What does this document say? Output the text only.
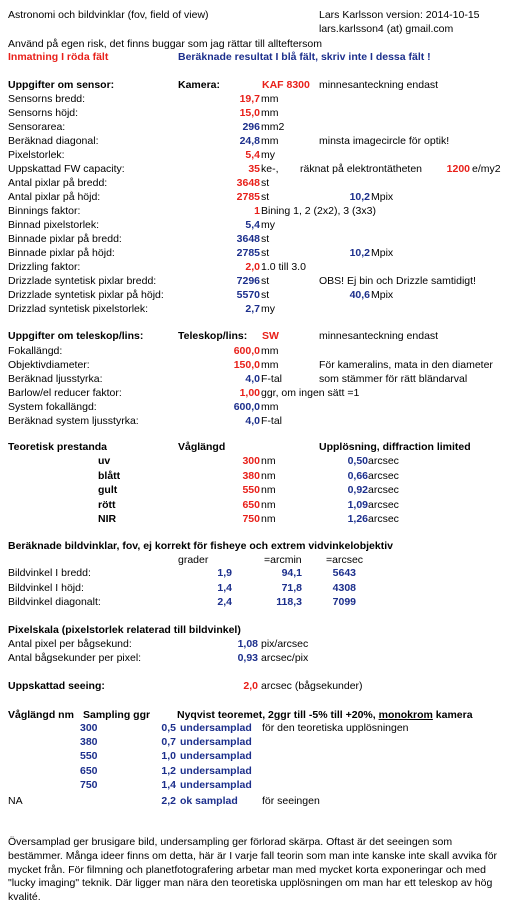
Astronomi och bildvinklar (fov, field of view)	Lars Karlsson version: 2014-10-15
lars.karlsson4 (at) gmail.com
Använd på egen risk, det finns buggar som jag rättar till allteftersom
Inmatning I röda fält	Beräknade resultat I blå fält, skriv inte I dessa fält !
Uppgifter om sensor:	Kamera:	KAF 8300 minnesanteckning endast
Sensorns bredd:	19,7 mm
Sensorns höjd:	15,0 mm
Sensorarea:	296 mm2
Beräknad diagonal:	24,8 mm	minsta imagecircle för optik!
Pixelstorlek:	5,4 my
Uppskattad FW capacity:	35 ke-, räknat på elektrontätheten	1200 e/my2
Antal pixlar på bredd:	3648 st
Antal pixlar på höjd:	2785 st	10,2 Mpix
Binnings faktor:	1 Bining 1, 2 (2x2), 3 (3x3)
Binnad pixelstorlek:	5,4 my
Binnade pixlar på bredd:	3648 st
Binnade pixlar på höjd:	2785 st	10,2 Mpix
Drizzling faktor:	2,0 1.0 till 3.0
Drizzlade syntetisk pixlar bredd:	7296 st	OBS! Ej bin och Drizzle samtidigt!
Drizzlade syntetisk pixlar på höjd:	5570 st	40,6 Mpix
Drizzlad syntetisk pixelstorlek:	2,7 my
Uppgifter om teleskop/lins:	Teleskop/lins: SW	minnesanteckning endast
Fokallängd:	600,0 mm
Objektivdiameter:	150,0 mm	För kameralins, mata in den diameter
Beräknad ljusstyrka:	4,0 F-tal	som stämmer för rätt bländarval
Barlow/el reducer faktor:	1,00 ggr, om ingen sätt =1
System fokallängd:	600,0 mm
Beräknad system ljusstyrka:	4,0 F-tal
Teoretisk prestanda	Våglängd	Upplösning, diffraction limited
uv	300 nm	0,50 arcsec
blått	380 nm	0,66 arcsec
gult	550 nm	0,92 arcsec
rött	650 nm	1,09 arcsec
NIR	750 nm	1,26 arcsec
Beräknade bildvinklar, fov, ej korrekt för fisheye och extrem vidvinkelobjektiv
grader	=arcmin =arcsec
Bildvinkel I bredd:	1,9	94,1	5643
Bildvinkel I höjd:	1,4	71,8	4308
Bildvinkel diagonalt:	2,4	118,3	7099
Pixelskala (pixelstorlek relaterad till bildvinkel)
Antal pixel per bågsekund:	1,08 pix/arcsec
Antal bågsekunder per pixel:	0,93 arcsec/pix
Uppskattad seeing:	2,0 arcsec (bågsekunder)
Våglängd nm Sampling ggr	Nyqvist teoremet, 2ggr till -5% till +20%, monokrom kamera
300	0,5 undersamplad för den teoretiska upplösningen
380	0,7 undersamplad
550	1,0 undersamplad
650	1,2 undersamplad
750	1,4 undersamplad
NA	2,2 ok samplad för seeingen
Översamplad ger brusigare bild, undersampling ger förlorad skärpa. Oftast är det seeingen som bestämmer. Många ideer finns om detta, här är I varje fall teorin som man inte kanske inte skall avvika för mycket från. För filmning och planetfotografering arbetar man med mycket korta exponeringar och med "lucky imaging" teknik. Där ligger man nära den teoretiska upplösningen om man har ett teleskop av hög kvalité.
